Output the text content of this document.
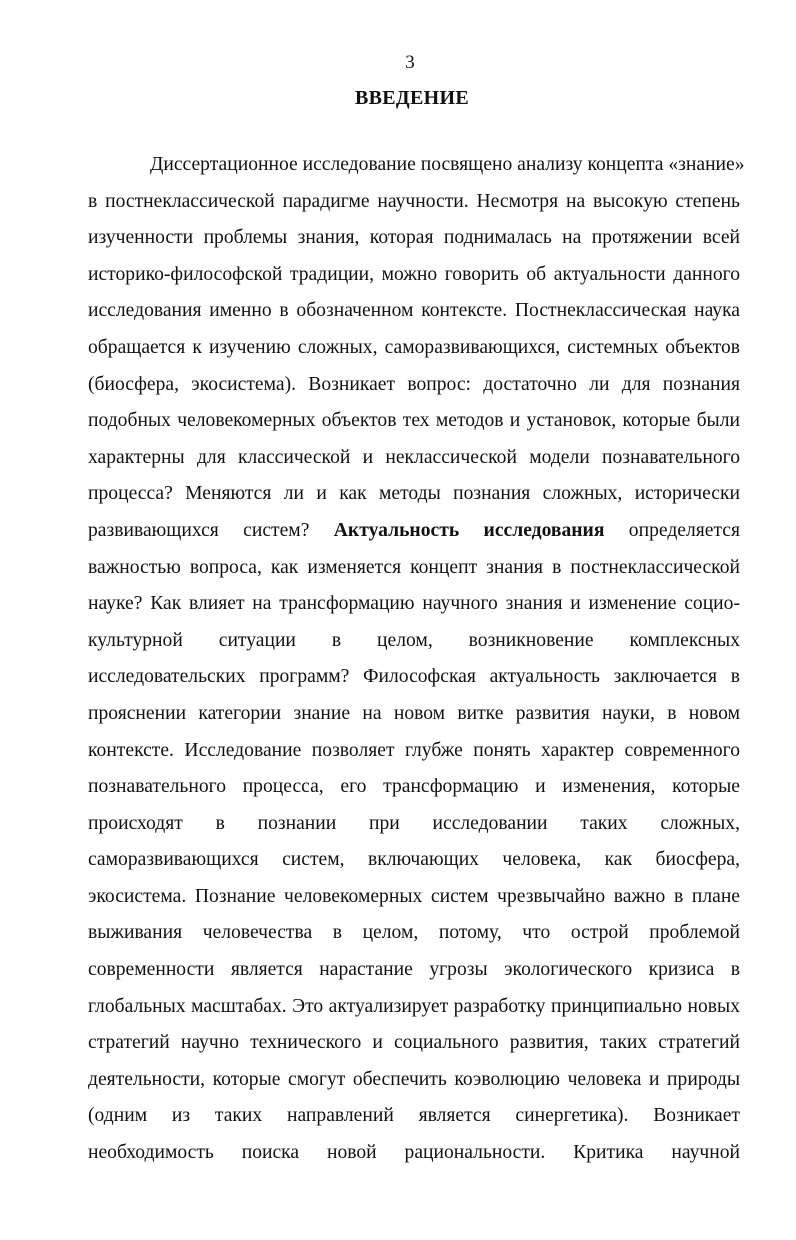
3
ВВЕДЕНИЕ
Диссертационное исследование посвящено анализу концепта «знание»
в постнеклассической парадигме научности. Несмотря на высокую степень
изученности проблемы знания, которая поднималась на протяжении всей
историко-философской традиции, можно говорить об актуальности данного
исследования именно в обозначенном контексте. Постнеклассическая наука
обращается к изучению сложных, саморазвивающихся, системных объектов
(биосфера, экосистема). Возникает вопрос: достаточно ли для познания
подобных человекомерных объектов тех методов и установок, которые были
характерны для классической и неклассической модели познавательного
процесса? Меняются ли и как методы познания сложных, исторически
развивающихся систем? Актуальность исследования определяется
важностью вопроса, как изменяется концепт знания в постнеклассической
науке? Как влияет на трансформацию научного знания и изменение социо-
культурной ситуации в целом, возникновение комплексных
исследовательских программ? Философская актуальность заключается в
прояснении категории знание на новом витке развития науки, в новом
контексте. Исследование позволяет глубже понять характер современного
познавательного процесса, его трансформацию и изменения, которые
происходят в познании при исследовании таких сложных,
саморазвивающихся систем, включающих человека, как биосфера,
экосистема. Познание человекомерных систем чрезвычайно важно в плане
выживания человечества в целом, потому, что острой проблемой
современности является нарастание угрозы экологического кризиса в
глобальных масштабах. Это актуализирует разработку принципиально новых
стратегий научно технического и социального развития, таких стратегий
деятельности, которые смогут обеспечить коэволюцию человека и природы
(одним из таких направлений является синергетика). Возникает
необходимость поиска новой рациональности. Критика научной
